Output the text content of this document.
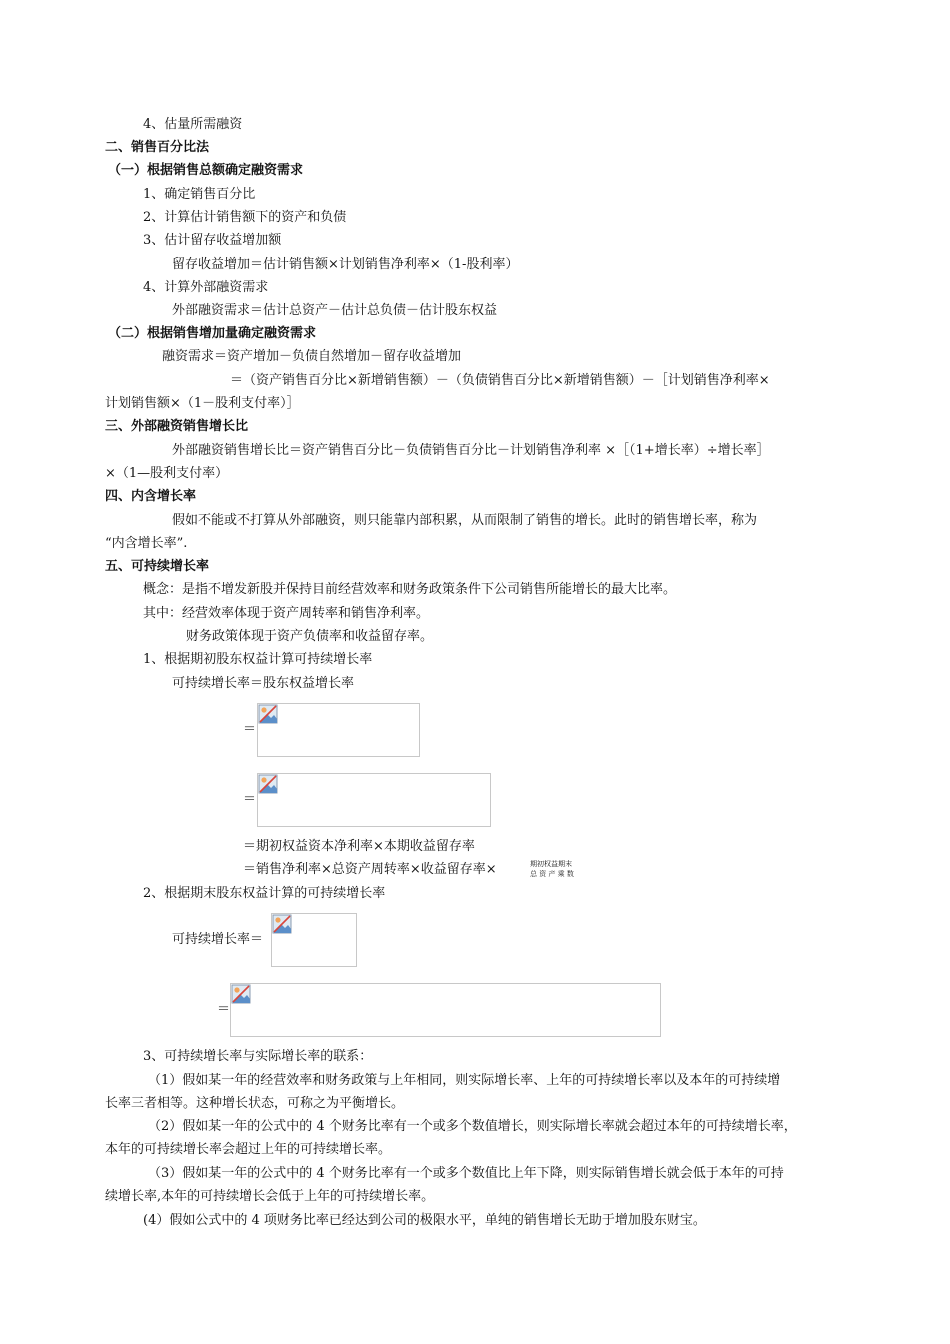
4、估量所需融资
二、销售百分比法
（一）根据销售总额确定融资需求
1、确定销售百分比
2、计算估计销售额下的资产和负债
3、估计留存收益增加额
留存收益增加＝估计销售额×计划销售净利率×（1-股利率）
4、计算外部融资需求
外部融资需求＝估计总资产－估计总负债－估计股东权益
（二）根据销售增加量确定融资需求
融资需求＝资产增加－负债自然增加－留存收益增加
＝（资产销售百分比×新增销售额）－（负债销售百分比×新增销售额）－［计划销售净利率×
计划销售额×（1－股利支付率）］
三、外部融资销售增长比
外部融资销售增长比＝资产销售百分比－负债销售百分比－计划销售净利率 ×［（1+增长率）÷增长率］
×（1—股利支付率）
四、内含增长率
假如不能或不打算从外部融资，则只能靠内部积累，从而限制了销售的增长。此时的销售增长率，称为
“内含增长率”.
五、可持续增长率
概念：是指不增发新股并保持目前经营效率和财务政策条件下公司销售所能增长的最大比率。
其中：经营效率体现于资产周转率和销售净利率。
财务政策体现于资产负债率和收益留存率。
1、根据期初股东权益计算可持续增长率
可持续增长率＝股东权益增长率
＝
＝
＝期初权益资本净利率×本期收益留存率
＝销售净利率×总资产周转率×收益留存率×	期初权益期末
总 资 产 乘 数
2、根据期末股东权益计算的可持续增长率
可持续增长率＝
＝
3、可持续增长率与实际增长率的联系：
（1）假如某一年的经营效率和财务政策与上年相同，则实际增长率、上年的可持续增长率以及本年的可持续增
长率三者相等。这种增长状态，可称之为平衡增长。
（2）假如某一年的公式中的 4 个财务比率有一个或多个数值增长，则实际增长率就会超过本年的可持续增长率，
本年的可持续增长率会超过上年的可持续增长率。
（3）假如某一年的公式中的 4 个财务比率有一个或多个数值比上年下降，则实际销售增长就会低于本年的可持
续增长率,本年的可持续增长会低于上年的可持续增长率。
(4）假如公式中的 4 项财务比率已经达到公司的极限水平，单纯的销售增长无助于增加股东财宝。
